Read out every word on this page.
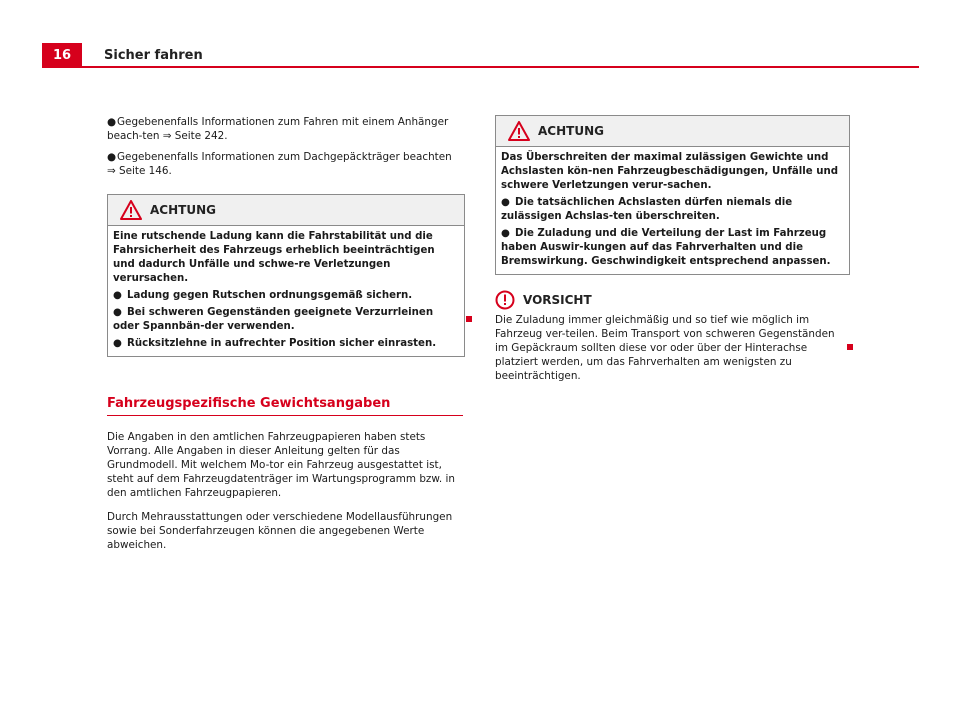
16	Sicher fahren

●Gegebenenfalls Informationen zum Fahren mit einem Anhänger beach-ten ⇒ Seite 242.

●Gegebenenfalls Informationen zum Dachgepäckträger beachten ⇒ Seite 146.

ACHTUNG

Eine rutschende Ladung kann die Fahrstabilität und die Fahrsicherheit des Fahrzeugs erheblich beeinträchtigen und dadurch Unfälle und schwe-re Verletzungen verursachen.

● Ladung gegen Rutschen ordnungsgemäß sichern.

● Bei schweren Gegenständen geeignete Verzurrleinen oder Spannbän-der verwenden.

● Rücksitzlehne in aufrechter Position sicher einrasten.

Fahrzeugspezifische Gewichtsangaben

Die Angaben in den amtlichen Fahrzeugpapieren haben stets Vorrang. Alle Angaben in dieser Anleitung gelten für das Grundmodell. Mit welchem Mo-tor ein Fahrzeug ausgestattet ist, steht auf dem Fahrzeugdatenträger im Wartungsprogramm bzw. in den amtlichen Fahrzeugpapieren.

Durch Mehrausstattungen oder verschiedene Modellausführungen sowie bei Sonderfahrzeugen können die angegebenen Werte abweichen.

ACHTUNG

Das Überschreiten der maximal zulässigen Gewichte und Achslasten kön-nen Fahrzeugbeschädigungen, Unfälle und schwere Verletzungen verur-sachen.

● Die tatsächlichen Achslasten dürfen niemals die zulässigen Achslas-ten überschreiten.

● Die Zuladung und die Verteilung der Last im Fahrzeug haben Auswir-kungen auf das Fahrverhalten und die Bremswirkung. Geschwindigkeit entsprechend anpassen.

VORSICHT

Die Zuladung immer gleichmäßig und so tief wie möglich im Fahrzeug ver-teilen. Beim Transport von schweren Gegenständen im Gepäckraum sollten diese vor oder über der Hinterachse platziert werden, um das Fahrverhalten am wenigsten zu beeinträchtigen.
